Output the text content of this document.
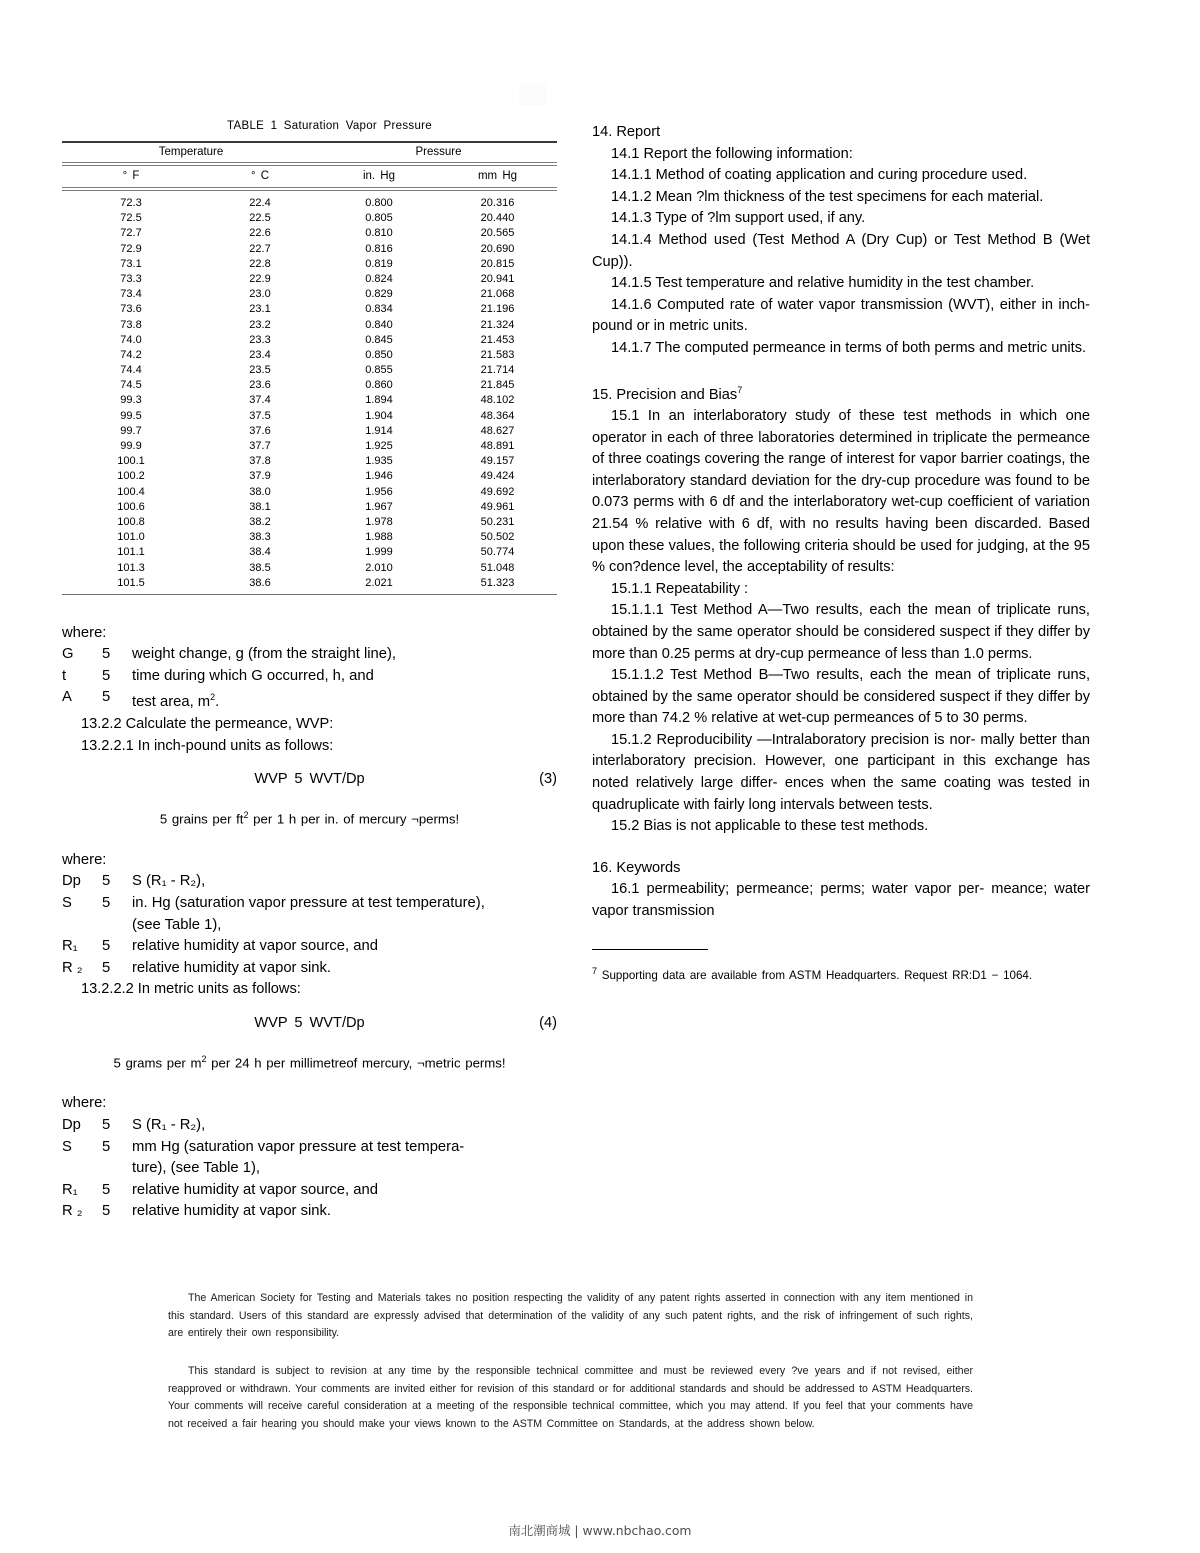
TABLE 1 Saturation Vapor Pressure

Temperature		Pressure	

° F	° C	in. Hg	mm Hg

72.3	22.4	0.800	20.316
72.5	22.5	0.805	20.440
72.7	22.6	0.810	20.565
72.9	22.7	0.816	20.690
73.1	22.8	0.819	20.815
73.3	22.9	0.824	20.941
73.4	23.0	0.829	21.068
73.6	23.1	0.834	21.196
73.8	23.2	0.840	21.324
74.0	23.3	0.845	21.453
74.2	23.4	0.850	21.583
74.4	23.5	0.855	21.714
74.5	23.6	0.860	21.845
99.3	37.4	1.894	48.102
99.5	37.5	1.904	48.364
99.7	37.6	1.914	48.627
99.9	37.7	1.925	48.891
100.1	37.8	1.935	49.157
100.2	37.9	1.946	49.424
100.4	38.0	1.956	49.692
100.6	38.1	1.967	49.961
100.8	38.2	1.978	50.231
101.0	38.3	1.988	50.502
101.1	38.4	1.999	50.774
101.3	38.5	2.010	51.048
101.5	38.6	2.021	51.323

where:
G	5	weight change, g (from the straight line),
t	5	time during which G occurred, h, and
A	5	test area, $m^2$.
13.2.2 Calculate the permeance, WVP:
13.2.2.1 In inch-pound units as follows:
WVP 5 WVT/Dp	(3)
5 grains per $ft^2$ per 1 h per in. of mercury ¬perms!
where:
Dp	5	S (R₁ - R₂),
S	5	in. Hg (saturation vapor pressure at test temperature),
		(see Table 1),
R₁	5	relative humidity at vapor source, and
R ₂	5	relative humidity at vapor sink.
13.2.2.2 In metric units as follows:
WVP 5 WVT/Dp	(4)
5 grams per $m^2$ per 24 h per millimetreof mercury, ¬metric perms!
where:
Dp	5	S (R₁ - R₂),
S	5	mm Hg (saturation vapor pressure at test tempera-
		ture), (see Table 1),
R₁	5	relative humidity at vapor source, and
R ₂	5	relative humidity at vapor sink.
14. Report
14.1 Report the following information:
14.1.1 Method of coating application and curing procedure used.
14.1.2 Mean ?lm thickness of the test specimens for each material.
14.1.3 Type of ?lm support used, if any.
14.1.4 Method used (Test Method A (Dry Cup) or Test Method B (Wet Cup)).
14.1.5 Test temperature and relative humidity in the test chamber.
14.1.6 Computed rate of water vapor transmission (WVT), either in inch-pound or in metric units.
14.1.7 The computed permeance in terms of both perms and metric units.
15. Precision and Bias$^7$
15.1 In an interlaboratory study of these test methods in which one operator in each of three laboratories determined in triplicate the permeance of three coatings covering the range of interest for vapor barrier coatings, the interlaboratory standard deviation for the dry-cup procedure was found to be 0.073 perms with 6 df and the interlaboratory wet-cup coefficient of variation 21.54 % relative with 6 df, with no results having been discarded. Based upon these values, the following criteria should be used for judging, at the 95 % con?dence level, the acceptability of results:
15.1.1 Repeatability :
15.1.1.1 Test Method A—Two results, each the mean of triplicate runs, obtained by the same operator should be considered suspect if they differ by more than 0.25 perms at dry-cup permeance of less than 1.0 perms.
15.1.1.2 Test Method B—Two results, each the mean of triplicate runs, obtained by the same operator should be considered suspect if they differ by more than 74.2 % relative at wet-cup permeances of 5 to 30 perms.
15.1.2 Reproducibility —Intralaboratory precision is nor- mally better than interlaboratory precision. However, one participant in this exchange has noted relatively large differ- ences when the same coating was tested in quadruplicate with fairly long intervals between tests.
15.2 Bias is not applicable to these test methods.
16. Keywords
16.1 permeability; permeance; perms; water vapor per- meance; water vapor transmission
$^7$ Supporting data are available from ASTM Headquarters. Request RR:D1 − 1064.

The American Society for Testing and Materials takes no position respecting the validity of any patent rights asserted in connection with any item mentioned in this standard. Users of this standard are expressly advised that determination of the validity of any such patent rights, and the risk of infringement of such rights, are entirely their own responsibility.

This standard is subject to revision at any time by the responsible technical committee and must be reviewed every ?ve years and if not revised, either reapproved or withdrawn. Your comments are invited either for revision of this standard or for additional standards and should be addressed to ASTM Headquarters. Your comments will receive careful consideration at a meeting of the responsible technical committee, which you may attend. If you feel that your comments have not received a fair hearing you should make your views known to the ASTM Committee on Standards, at the address shown below.

南北潮商城 | www.nbchao.com
